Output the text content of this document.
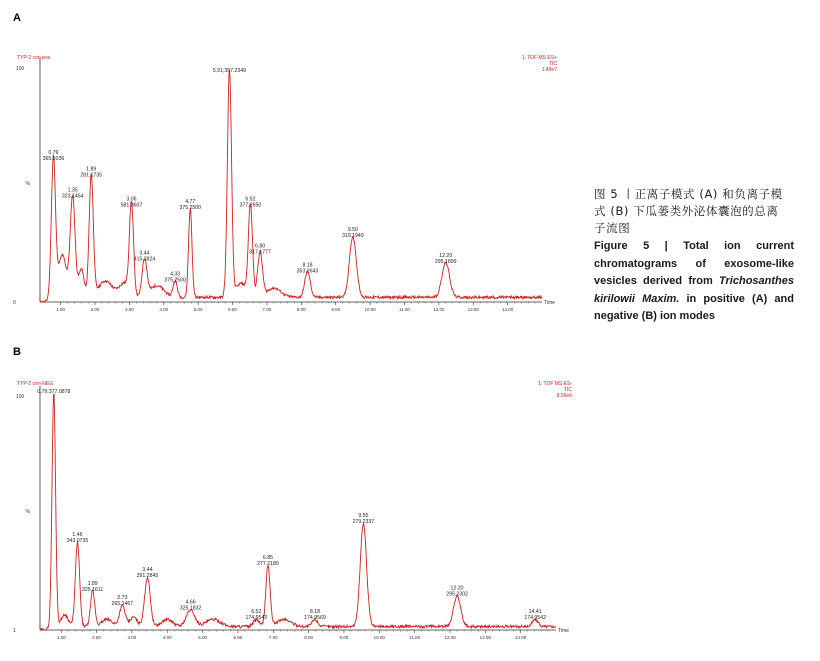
A
B
%
100
0
1.00	2.00	3.00	4.00	5.00	6.00	7.00	8.00	9.00	10.00	11.00	12.00	13.00	14.00
Time
TYP-2 con-pos	1: TOF MS ES+
TIC
1.49e7
0.79
365.1036
1.35
323.1454
1.89
281.1735
3.06
581.3607
3.44
415.2824
4.33
375.2500
4.77
375.2500
5.91;357.2349
6.52
377.2650
6.80
317.1777
8.18
353.2643
9.50
319.1949
12.20
295.1899
%
100
1
1.00	2.00	3.00	4.00	5.00	6.00	7.00	8.00	9.00	10.00	11.00	12.00	13.00	14.00
Time
TYP-2 con-NEG	1: TOF MS ES-
TIC
8.66e6
0.79;377.0878
1.46
343.0735
1.89
325.1611
2.73
265.1467
3.44
391.2845
4.66
325.1832
6.52
174.9542
6.85
277.2189
8.18
174.9569
9.55
279.2337
12.20
295.2302
14.41
174.9542
图 5 丨正离子模式 (A) 和负离子模
式 (B) 下瓜蒌类外泌体囊泡的总离
子流图
Figure 5 | Total ion current chromatograms of exosome-like vesicles derived from Trichosanthes kirilowii Maxim. in positive (A) and negative (B) ion modes
